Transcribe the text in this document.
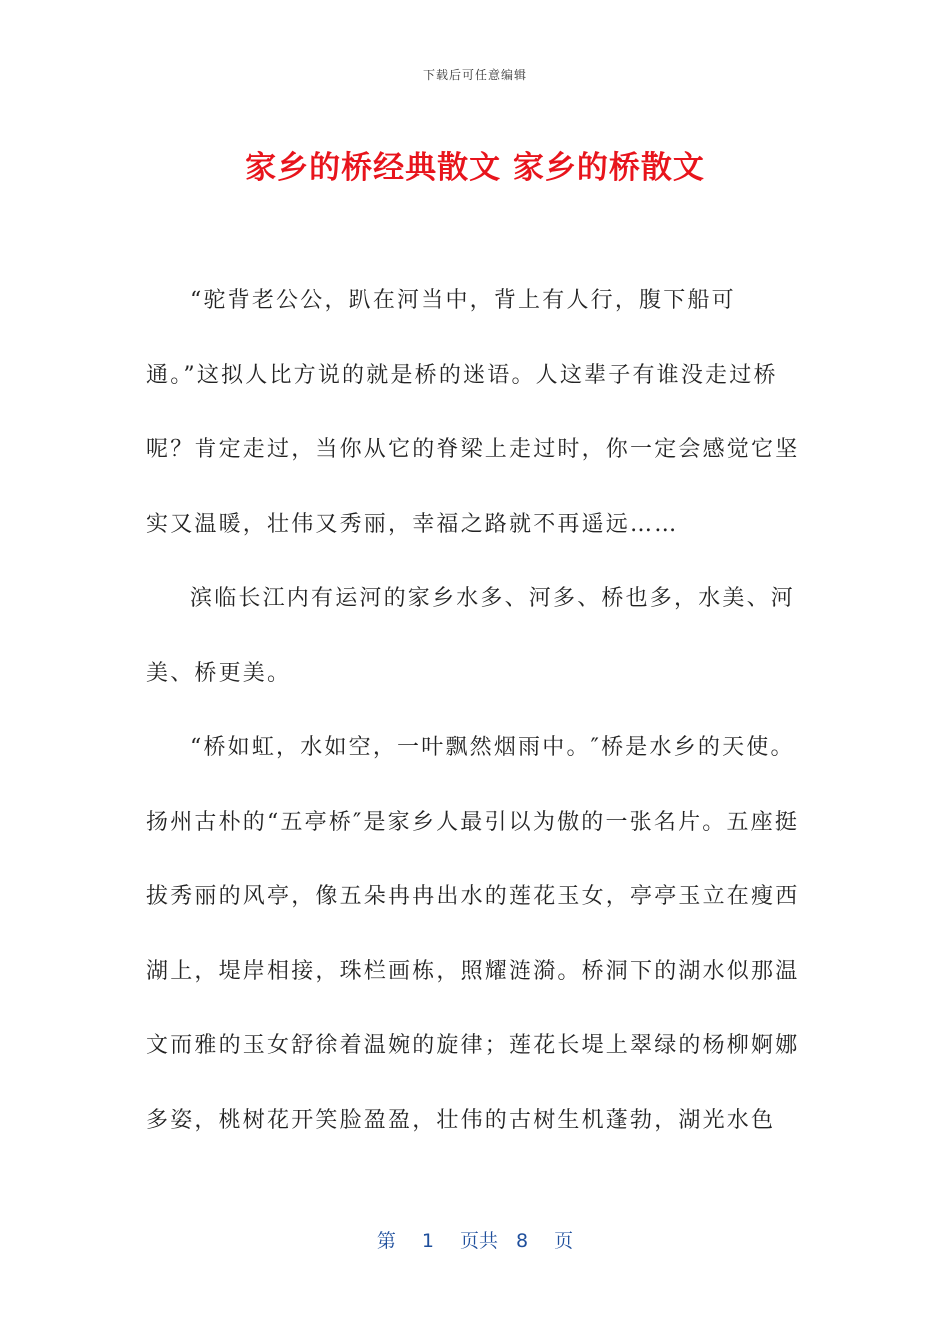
下载后可任意编辑
家乡的桥经典散文 家乡的桥散文

“驼背老公公，趴在河当中，背上有人行，腹下船可通。”这拟人比方说的就是桥的迷语。人这辈子有谁没走过桥呢？肯定走过，当你从它的脊梁上走过时，你一定会感觉它坚实又温暖，壮伟又秀丽，幸福之路就不再遥远……

滨临长江内有运河的家乡水多、河多、桥也多，水美、河美、桥更美。

“桥如虹，水如空，一叶飘然烟雨中。″桥是水乡的天使。扬州古朴的“五亭桥″是家乡人最引以为傲的一张名片。五座挺拔秀丽的风亭，像五朵冉冉出水的莲花玉女，亭亭玉立在瘦西湖上，堤岸相接，珠栏画栋，照耀涟漪。桥洞下的湖水似那温文而雅的玉女舒徐着温婉的旋律；莲花长堤上翠绿的杨柳婀娜多姿，桃树花开笑脸盈盈，壮伟的古树生机蓬勃，湖光水色

第 1 页共 8 页
